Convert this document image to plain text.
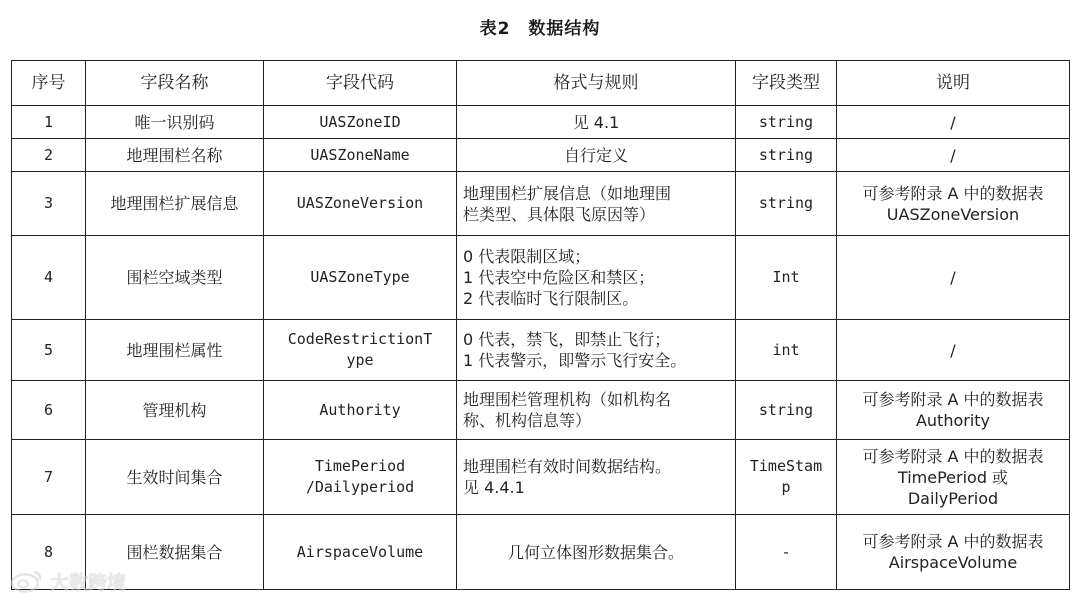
表2　数据结构
序号	字段名称	字段代码	格式与规则	字段类型	说明
1	唯一识别码	UASZoneID	见 4.1	string	/

2	地理围栏名称	UASZoneName	自行定义	string	/

3	地理围栏扩展信息	UASZoneVersion	地理围栏扩展信息（如地理围
栏类型、具体限飞原因等）	string	可参考附录 A 中的数据表
UASZoneVersion

4	围栏空域类型	UASZoneType	0 代表限制区域；
1 代表空中危险区和禁区；
2 代表临时飞行限制区。	Int	/

5	地理围栏属性	CodeRestrictionT
ype	0 代表，禁飞，即禁止飞行；
1 代表警示，即警示飞行安全。	int	/

6	管理机构	Authority	地理围栏管理机构（如机构名
称、机构信息等）	string	可参考附录 A 中的数据表
Authority

7	生效时间集合	TimePeriod
/Dailyperiod	地理围栏有效时间数据结构。
见 4.4.1	TimeStam
p	可参考附录 A 中的数据表
TimePeriod 或
DailyPeriod

8	围栏数据集合	AirspaceVolume	几何立体图形数据集合。	-	可参考附录 A 中的数据表
AirspaceVolume
大数跨境
